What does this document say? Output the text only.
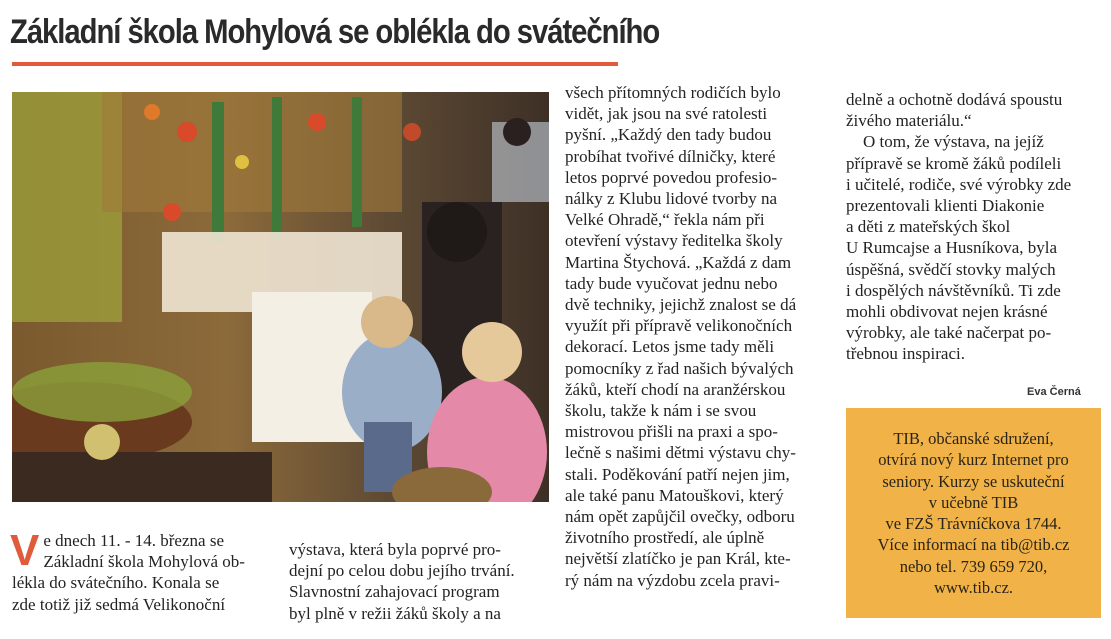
Základní škola Mohylová se oblékla do svátečního
V e dnech 11. - 14. března se

Základní škola Mohylová ob-

lékla do svátečního. Konala se

zde totiž již sedmá Velikonoční

výstava, která byla poprvé pro-

dejní po celou dobu jejího trvání.

Slavnostní zahajovací program

byl plně v režii žáků školy a na

všech přítomných rodičích bylo

vidět, jak jsou na své ratolesti

pyšní. „Každý den tady budou

probíhat tvořivé dílničky, které

letos poprvé povedou profesio-

nálky z Klubu lidové tvorby na

Velké Ohradě,“ řekla nám při

otevření výstavy ředitelka školy

Martina Štychová. „Každá z dam

tady bude vyučovat jednu nebo

dvě techniky, jejichž znalost se dá

využít při přípravě velikonočních

dekorací. Letos jsme tady měli

pomocníky z řad našich bývalých

žáků, kteří chodí na aranžérskou

školu, takže k nám i se svou

mistrovou přišli na praxi a spo-

lečně s našimi dětmi výstavu chy-

stali. Poděkování patří nejen jim,

ale také panu Matouškovi, který

nám opět zapůjčil ovečky, odboru

životního prostředí, ale úplně

největší zlatíčko je pan Král, kte-

rý nám na výzdobu zcela pravi-

delně a ochotně dodává spoustu

živého materiálu.“

O tom, že výstava, na jejíž

přípravě se kromě žáků podíleli

i učitelé, rodiče, své výrobky zde

prezentovali klienti Diakonie

a děti z mateřských škol

U Rumcajse a Husníkova, byla

úspěšná, svědčí stovky malých

i dospělých návštěvníků. Ti zde

mohli obdivovat nejen krásné

výrobky, ale také načerpat po-

třebnou inspiraci.

Eva Černá

TIB, občanské sdružení,

otvírá nový kurz Internet pro

seniory. Kurzy se uskuteční

v učebně TIB

ve FZŠ Trávníčkova 1744.

Více informací na tib@tib.cz

nebo tel. 739 659 720,

www.tib.cz.
